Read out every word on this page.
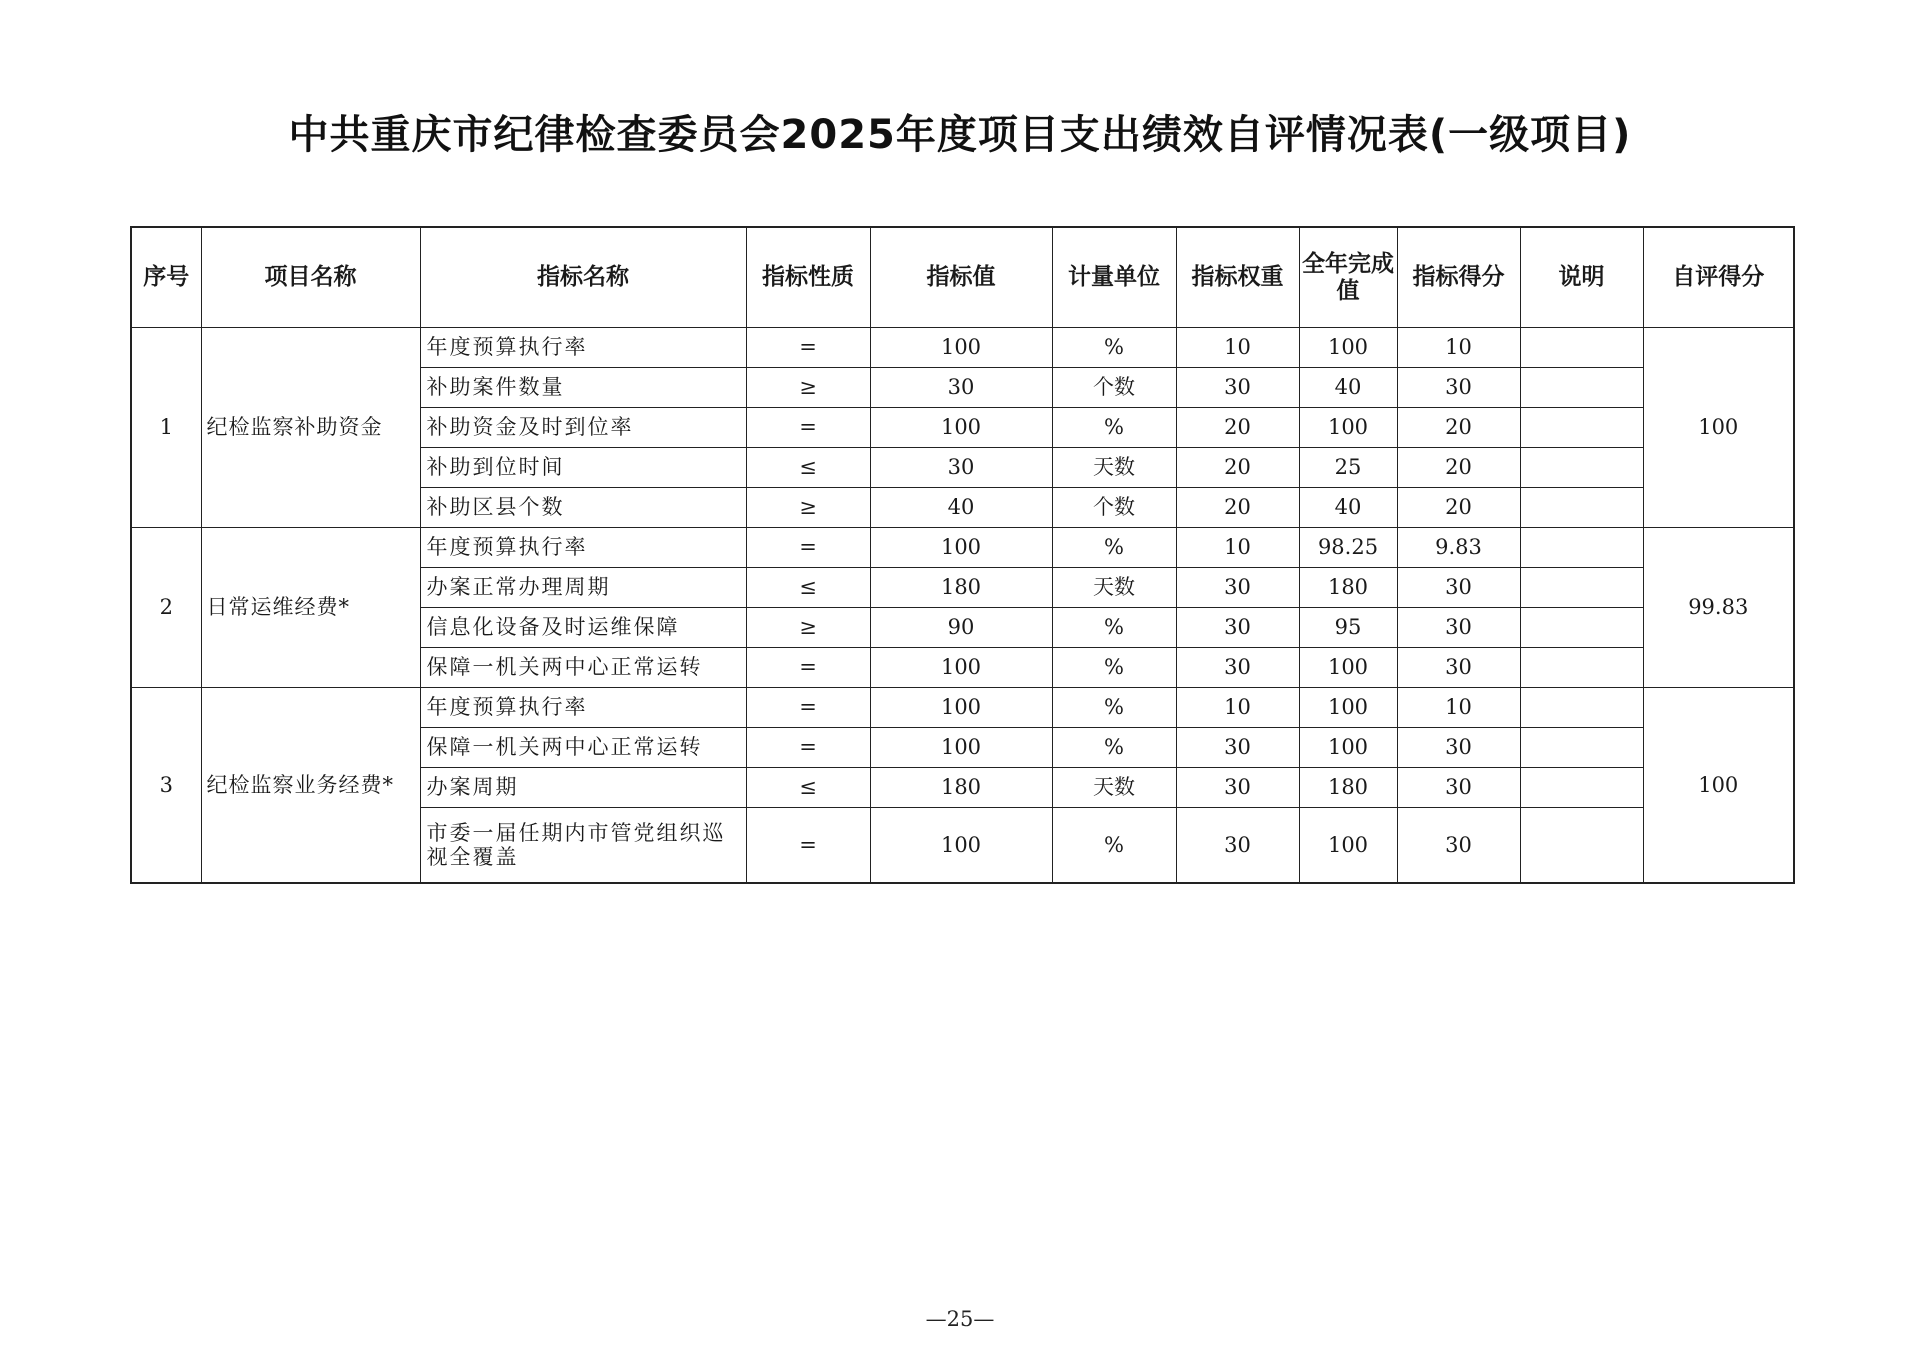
中共重庆市纪律检查委员会2025年度项目支出绩效自评情况表(一级项目)
序号	项目名称	指标名称	指标性质	指标值	计量单位	指标权重	全年完成值	指标得分	说明	自评得分
1	纪检监察补助资金	年度预算执行率	=	100	%	10	100	10		100
		补助案件数量	≥	30	个数	30	40	30		
		补助资金及时到位率	=	100	%	20	100	20		
		补助到位时间	≤	30	天数	20	25	20		
		补助区县个数	≥	40	个数	20	40	20		
2	日常运维经费*	年度预算执行率	=	100	%	10	98.25	9.83		99.83
		办案正常办理周期	≤	180	天数	30	180	30		
		信息化设备及时运维保障	≥	90	%	30	95	30		
		保障一机关两中心正常运转	=	100	%	30	100	30		
3	纪检监察业务经费*	年度预算执行率	=	100	%	10	100	10		100
		保障一机关两中心正常运转	=	100	%	30	100	30		
		办案周期	≤	180	天数	30	180	30		
		市委一届任期内市管党组织巡视全覆盖	=	100	%	30	100	30		
—25—
